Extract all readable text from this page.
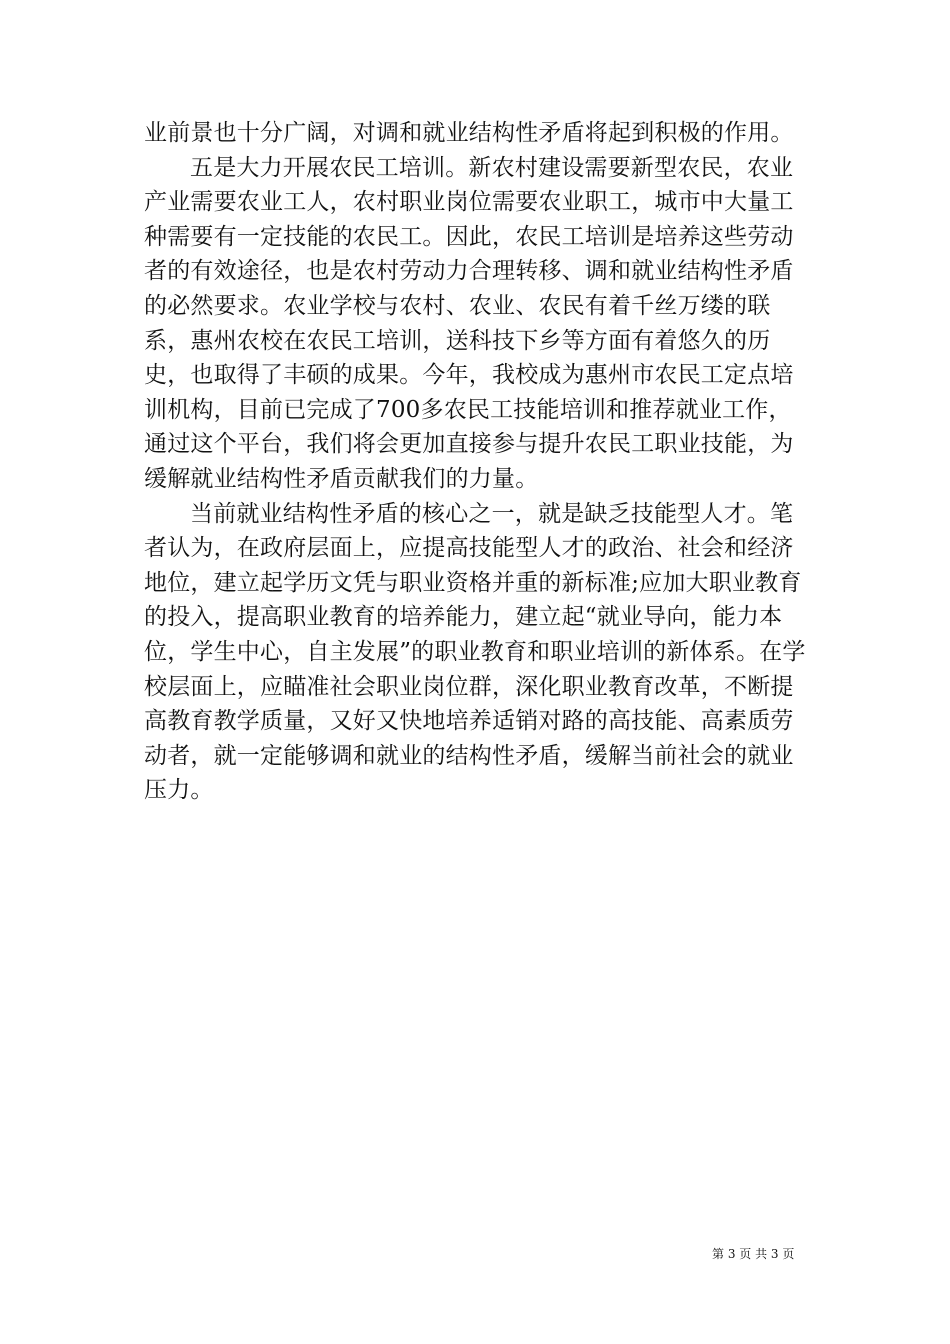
业前景也十分广阔，对调和就业结构性矛盾将起到积极的作用。

五是大力开展农民工培训。新农村建设需要新型农民，农业产业需要农业工人，农村职业岗位需要农业职工，城市中大量工种需要有一定技能的农民工。因此，农民工培训是培养这些劳动者的有效途径，也是农村劳动力合理转移、调和就业结构性矛盾的必然要求。农业学校与农村、农业、农民有着千丝万缕的联系，惠州农校在农民工培训，送科技下乡等方面有着悠久的历史，也取得了丰硕的成果。今年，我校成为惠州市农民工定点培训机构，目前已完成了700多农民工技能培训和推荐就业工作，通过这个平台，我们将会更加直接参与提升农民工职业技能，为缓解就业结构性矛盾贡献我们的力量。

当前就业结构性矛盾的核心之一，就是缺乏技能型人才。笔者认为，在政府层面上，应提高技能型人才的政治、社会和经济地位，建立起学历文凭与职业资格并重的新标准;应加大职业教育的投入，提高职业教育的培养能力，建立起“就业导向，能力本位，学生中心，自主发展”的职业教育和职业培训的新体系。在学校层面上，应瞄准社会职业岗位群，深化职业教育改革，不断提高教育教学质量，又好又快地培养适销对路的高技能、高素质劳动者，就一定能够调和就业的结构性矛盾，缓解当前社会的就业压力。

第 3 页 共 3 页
